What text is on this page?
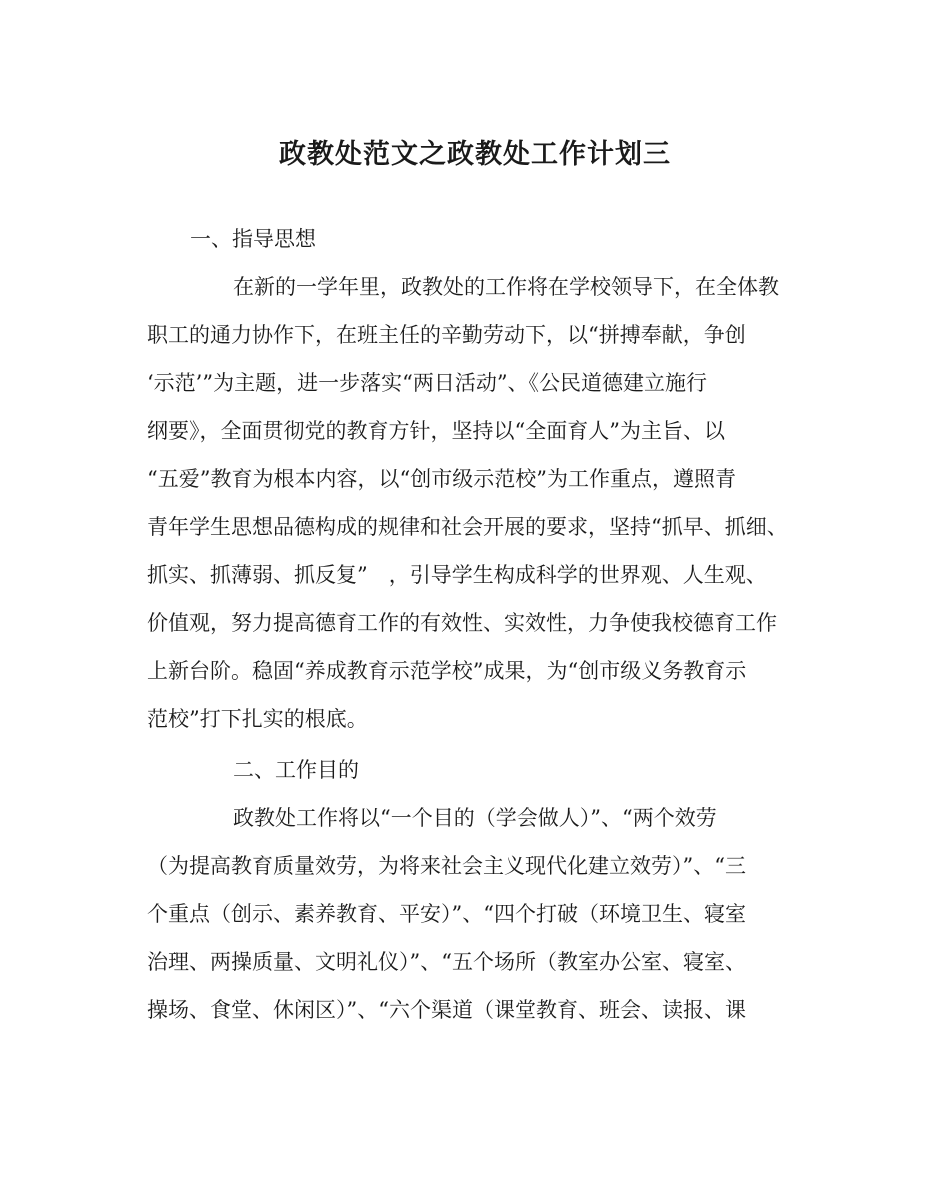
政教处范文之政教处工作计划三

一、指导思想

在新的一学年里，政教处的工作将在学校领导下，在全体教

职工的通力协作下，在班主任的辛勤劳动下，以“拼搏奉献，争创

‘示范’”为主题，进一步落实“两日活动”、《公民道德建立施行

纲要》，全面贯彻党的教育方针，坚持以“全面育人”为主旨、以

“五爱”教育为根本内容，以“创市级示范校”为工作重点，遵照青

青年学生思想品德构成的规律和社会开展的要求，坚持“抓早、抓细、

抓实、抓薄弱、抓反复”　，引导学生构成科学的世界观、人生观、

价值观，努力提高德育工作的有效性、实效性，力争使我校德育工作

上新台阶。稳固“养成教育示范学校”成果，为“创市级义务教育示

范校”打下扎实的根底。

二、工作目的

政教处工作将以“一个目的（学会做人）”、“两个效劳

（为提高教育质量效劳，为将来社会主义现代化建立效劳）”、“三

个重点（创示、素养教育、平安）”、“四个打破（环境卫生、寝室

治理、两操质量、文明礼仪）”、“五个场所（教室办公室、寝室、

操场、食堂、休闲区）”、“六个渠道（课堂教育、班会、读报、课
